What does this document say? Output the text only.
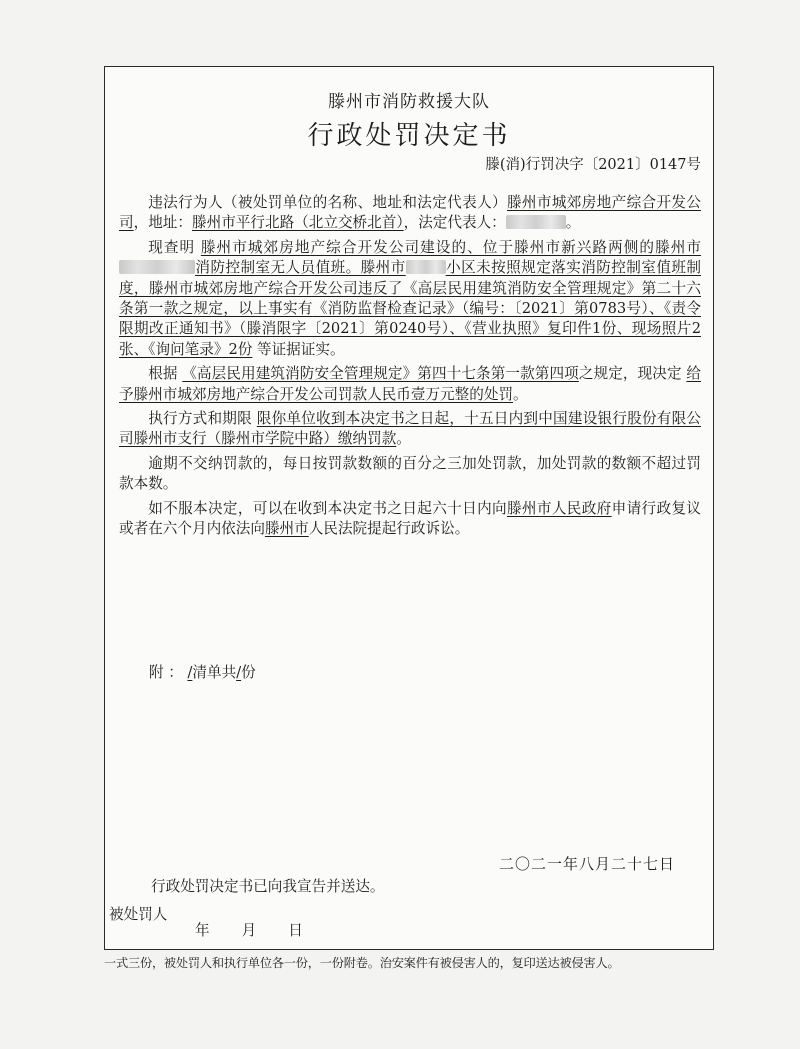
滕州市消防救援大队
行政处罚决定书
滕(消)行罚决字〔2021〕0147号

违法行为人（被处罚单位的名称、地址和法定代表人）滕州市城郊房地产综合开发公司，地址：滕州市平行北路（北立交桥北首），法定代表人：	。

现查明 滕州市城郊房地产综合开发公司建设的、位于滕州市新兴路两侧的滕州市消防控制室无人员值班。滕州市	小区未按照规定落实消防控制室值班制度，滕州市城郊房地产综合开发公司违反了《高层民用建筑消防安全管理规定》第二十六条第一款之规定，以上事实有《消防监督检查记录》（编号：〔2021〕第0783号）、《责令限期改正通知书》（滕消限字〔2021〕第0240号）、《营业执照》复印件1份、现场照片2张、《询问笔录》2份 等证据证实。

根据 《高层民用建筑消防安全管理规定》第四十七条第一款第四项之规定，现决定 给予滕州市城郊房地产综合开发公司罚款人民币壹万元整的处罚。

执行方式和期限 限你单位收到本决定书之日起，十五日内到中国建设银行股份有限公司滕州市支行（滕州市学院中路）缴纳罚款。

逾期不交纳罚款的，每日按罚款数额的百分之三加处罚款，加处罚款的数额不超过罚款本数。

如不服本决定，可以在收到本决定书之日起六十日内向滕州市人民政府申请行政复议或者在六个月内依法向滕州市人民法院提起行政诉讼。

附 ： /清单共/份
二〇二一年八月二十七日
行政处罚决定书已向我宣告并送达。
被处罚人
年 月 日
一式三份，被处罚人和执行单位各一份，一份附卷。治安案件有被侵害人的，复印送达被侵害人。
